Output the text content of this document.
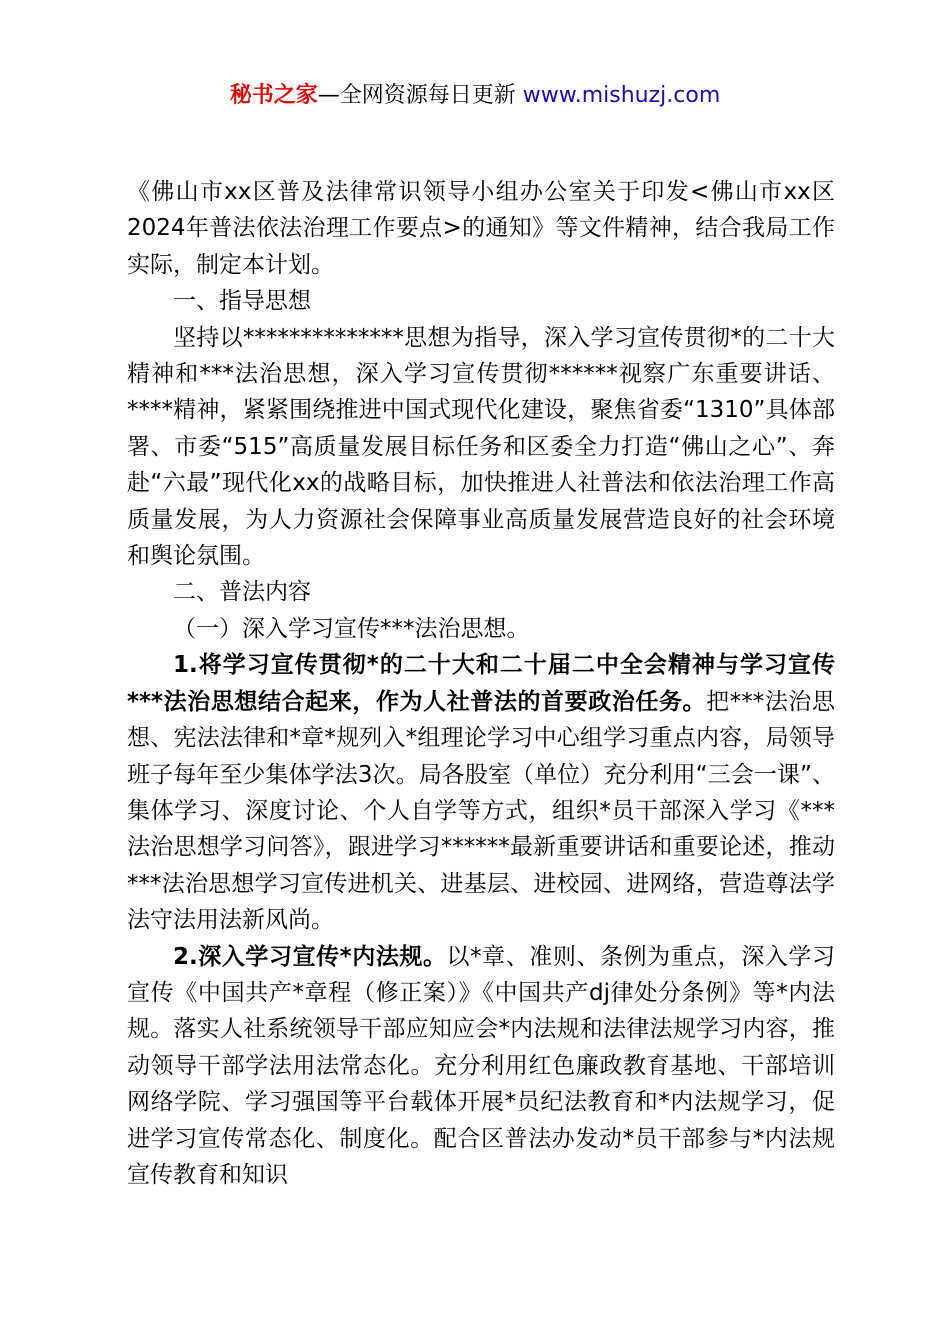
秘书之家—全网资源每日更新 www.mishuzj.com

《佛山市xx区普及法律常识领导小组办公室关于印发<佛山市xx区2024年普法依法治理工作要点>的通知》等文件精神，结合我局工作实际，制定本计划。

一、指导思想

坚持以**************思想为指导，深入学习宣传贯彻*的二十大精神和***法治思想，深入学习宣传贯彻******视察广东重要讲话、****精神，紧紧围绕推进中国式现代化建设，聚焦省委“1310”具体部署、市委“515”高质量发展目标任务和区委全力打造“佛山之心”、奔赴“六最”现代化xx的战略目标，加快推进人社普法和依法治理工作高质量发展，为人力资源社会保障事业高质量发展营造良好的社会环境和舆论氛围。

二、普法内容

（一）深入学习宣传***法治思想。

1.将学习宣传贯彻*的二十大和二十届二中全会精神与学习宣传***法治思想结合起来，作为人社普法的首要政治任务。把***法治思想、宪法法律和*章*规列入*组理论学习中心组学习重点内容，局领导班子每年至少集体学法3次。局各股室（单位）充分利用“三会一课”、集体学习、深度讨论、个人自学等方式，组织*员干部深入学习《***法治思想学习问答》，跟进学习******最新重要讲话和重要论述，推动***法治思想学习宣传进机关、进基层、进校园、进网络，营造尊法学法守法用法新风尚。

2.深入学习宣传*内法规。以*章、准则、条例为重点，深入学习宣传《中国共产*章程（修正案）》《中国共产dj律处分条例》等*内法规。落实人社系统领导干部应知应会*内法规和法律法规学习内容，推动领导干部学法用法常态化。充分利用红色廉政教育基地、干部培训网络学院、学习强国等平台载体开展*员纪法教育和*内法规学习，促进学习宣传常态化、制度化。配合区普法办发动*员干部参与*内法规宣传教育和知识
